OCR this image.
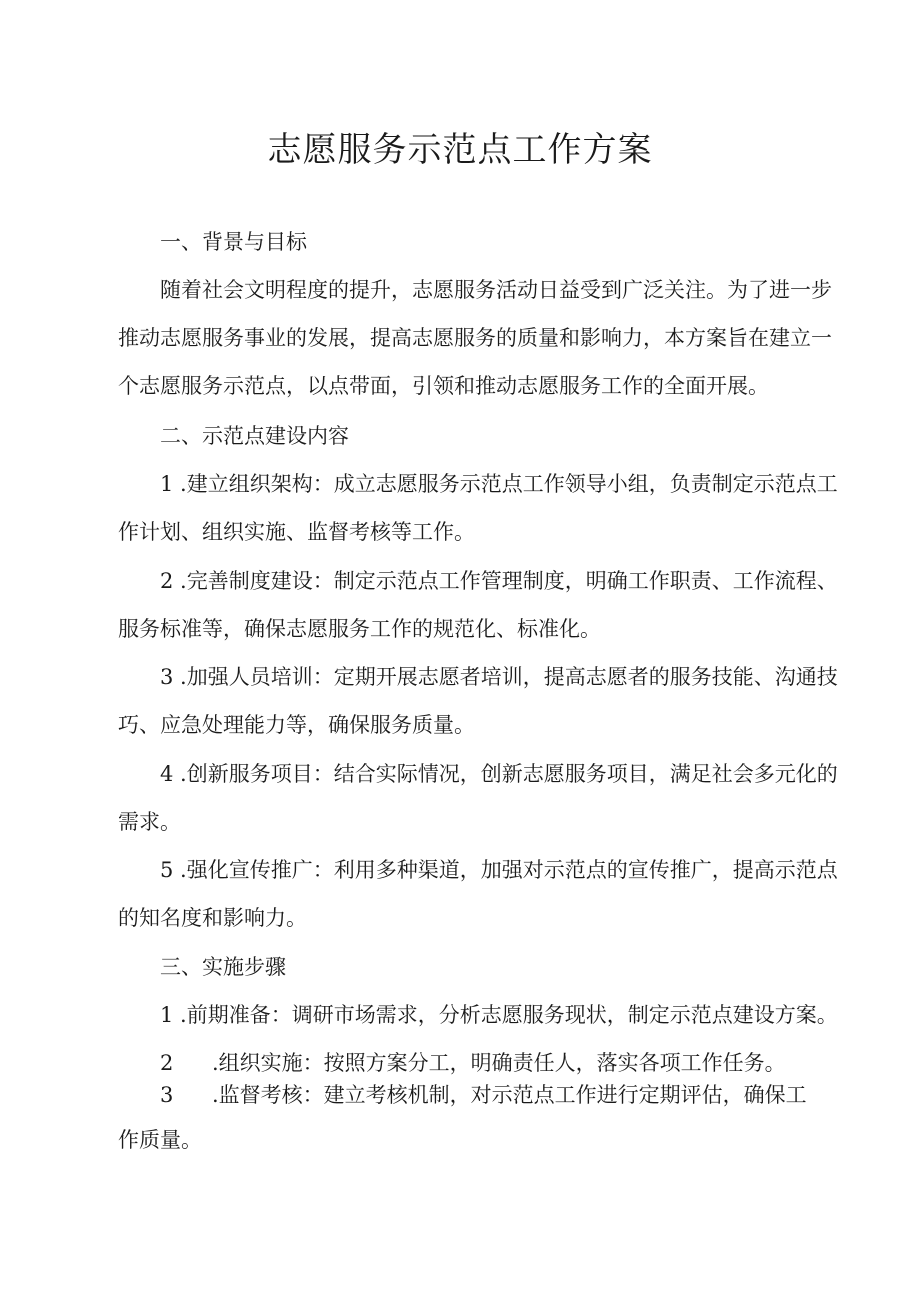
志愿服务示范点工作方案
一、背景与目标
随着社会文明程度的提升，志愿服务活动日益受到广泛关注。为了进一步
推动志愿服务事业的发展，提高志愿服务的质量和影响力，本方案旨在建立一
个志愿服务示范点，以点带面，引领和推动志愿服务工作的全面开展。
二、示范点建设内容
1 .建立组织架构：成立志愿服务示范点工作领导小组，负责制定示范点工
作计划、组织实施、监督考核等工作。
2 .完善制度建设：制定示范点工作管理制度，明确工作职责、工作流程、
服务标准等，确保志愿服务工作的规范化、标准化。
3 .加强人员培训：定期开展志愿者培训，提高志愿者的服务技能、沟通技
巧、应急处理能力等，确保服务质量。
4 .创新服务项目：结合实际情况，创新志愿服务项目，满足社会多元化的
需求。
5 .强化宣传推广：利用多种渠道，加强对示范点的宣传推广，提高示范点
的知名度和影响力。
三、实施步骤
1 .前期准备：调研市场需求，分析志愿服务现状，制定示范点建设方案。
2 .组织实施：按照方案分工，明确责任人，落实各项工作任务。
3 .监督考核：建立考核机制，对示范点工作进行定期评估，确保工
作质量。
